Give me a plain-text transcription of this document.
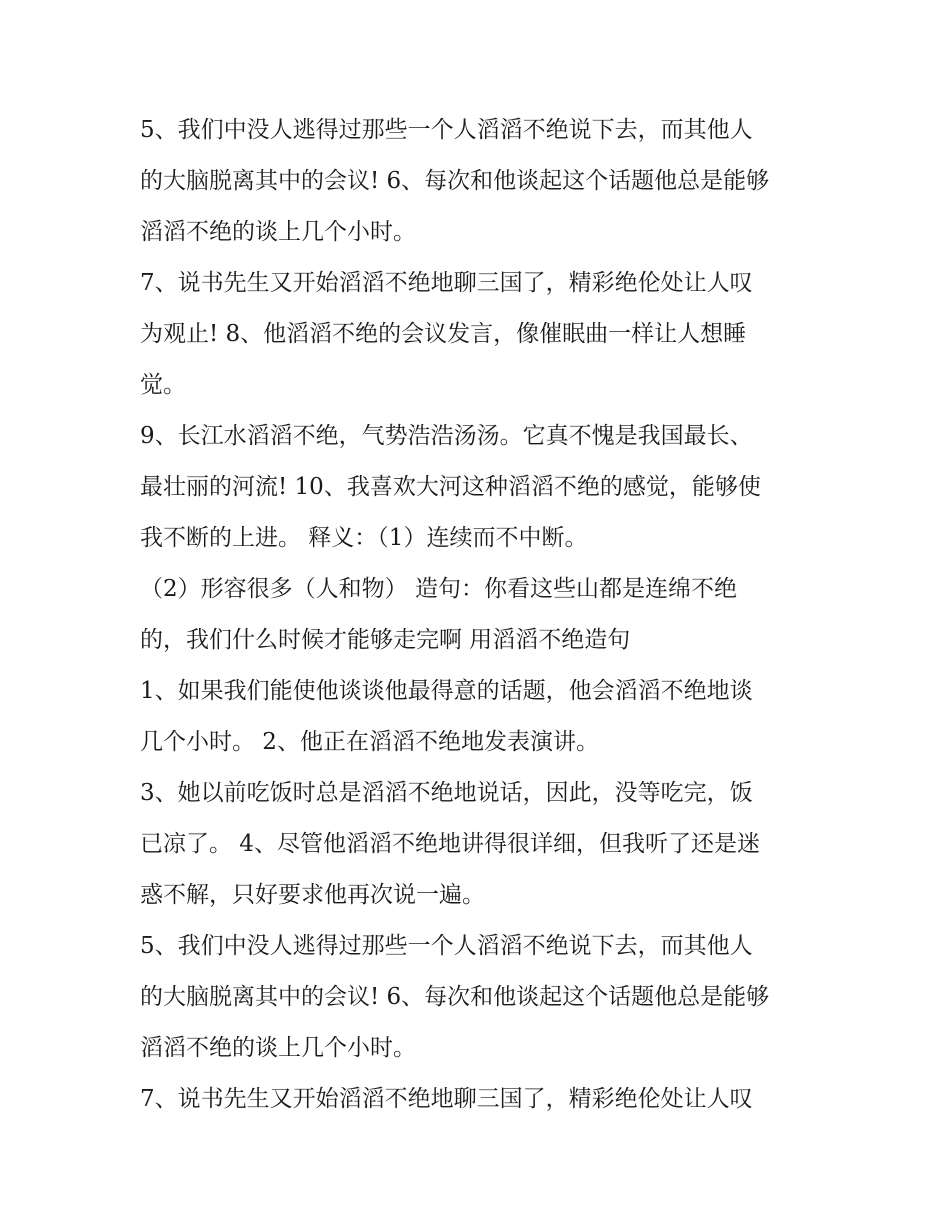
5、我们中没人逃得过那些一个人滔滔不绝说下去，而其他人

的大脑脱离其中的会议! 6、每次和他谈起这个话题他总是能够

滔滔不绝的谈上几个小时。

7、说书先生又开始滔滔不绝地聊三国了，精彩绝伦处让人叹

为观止! 8、他滔滔不绝的会议发言，像催眠曲一样让人想睡

觉。

9、长江水滔滔不绝，气势浩浩汤汤。它真不愧是我国最长、

最壮丽的河流! 10、我喜欢大河这种滔滔不绝的感觉，能够使

我不断的上进。 释义：（1）连续而不中断。

（2）形容很多（人和物） 造句：你看这些山都是连绵不绝

的，我们什么时候才能够走完啊 用滔滔不绝造句

1、如果我们能使他谈谈他最得意的话题，他会滔滔不绝地谈

几个小时。 2、他正在滔滔不绝地发表演讲。

3、她以前吃饭时总是滔滔不绝地说话，因此，没等吃完，饭

已凉了。 4、尽管他滔滔不绝地讲得很详细，但我听了还是迷

惑不解，只好要求他再次说一遍。

5、我们中没人逃得过那些一个人滔滔不绝说下去，而其他人

的大脑脱离其中的会议! 6、每次和他谈起这个话题他总是能够

滔滔不绝的谈上几个小时。

7、说书先生又开始滔滔不绝地聊三国了，精彩绝伦处让人叹
